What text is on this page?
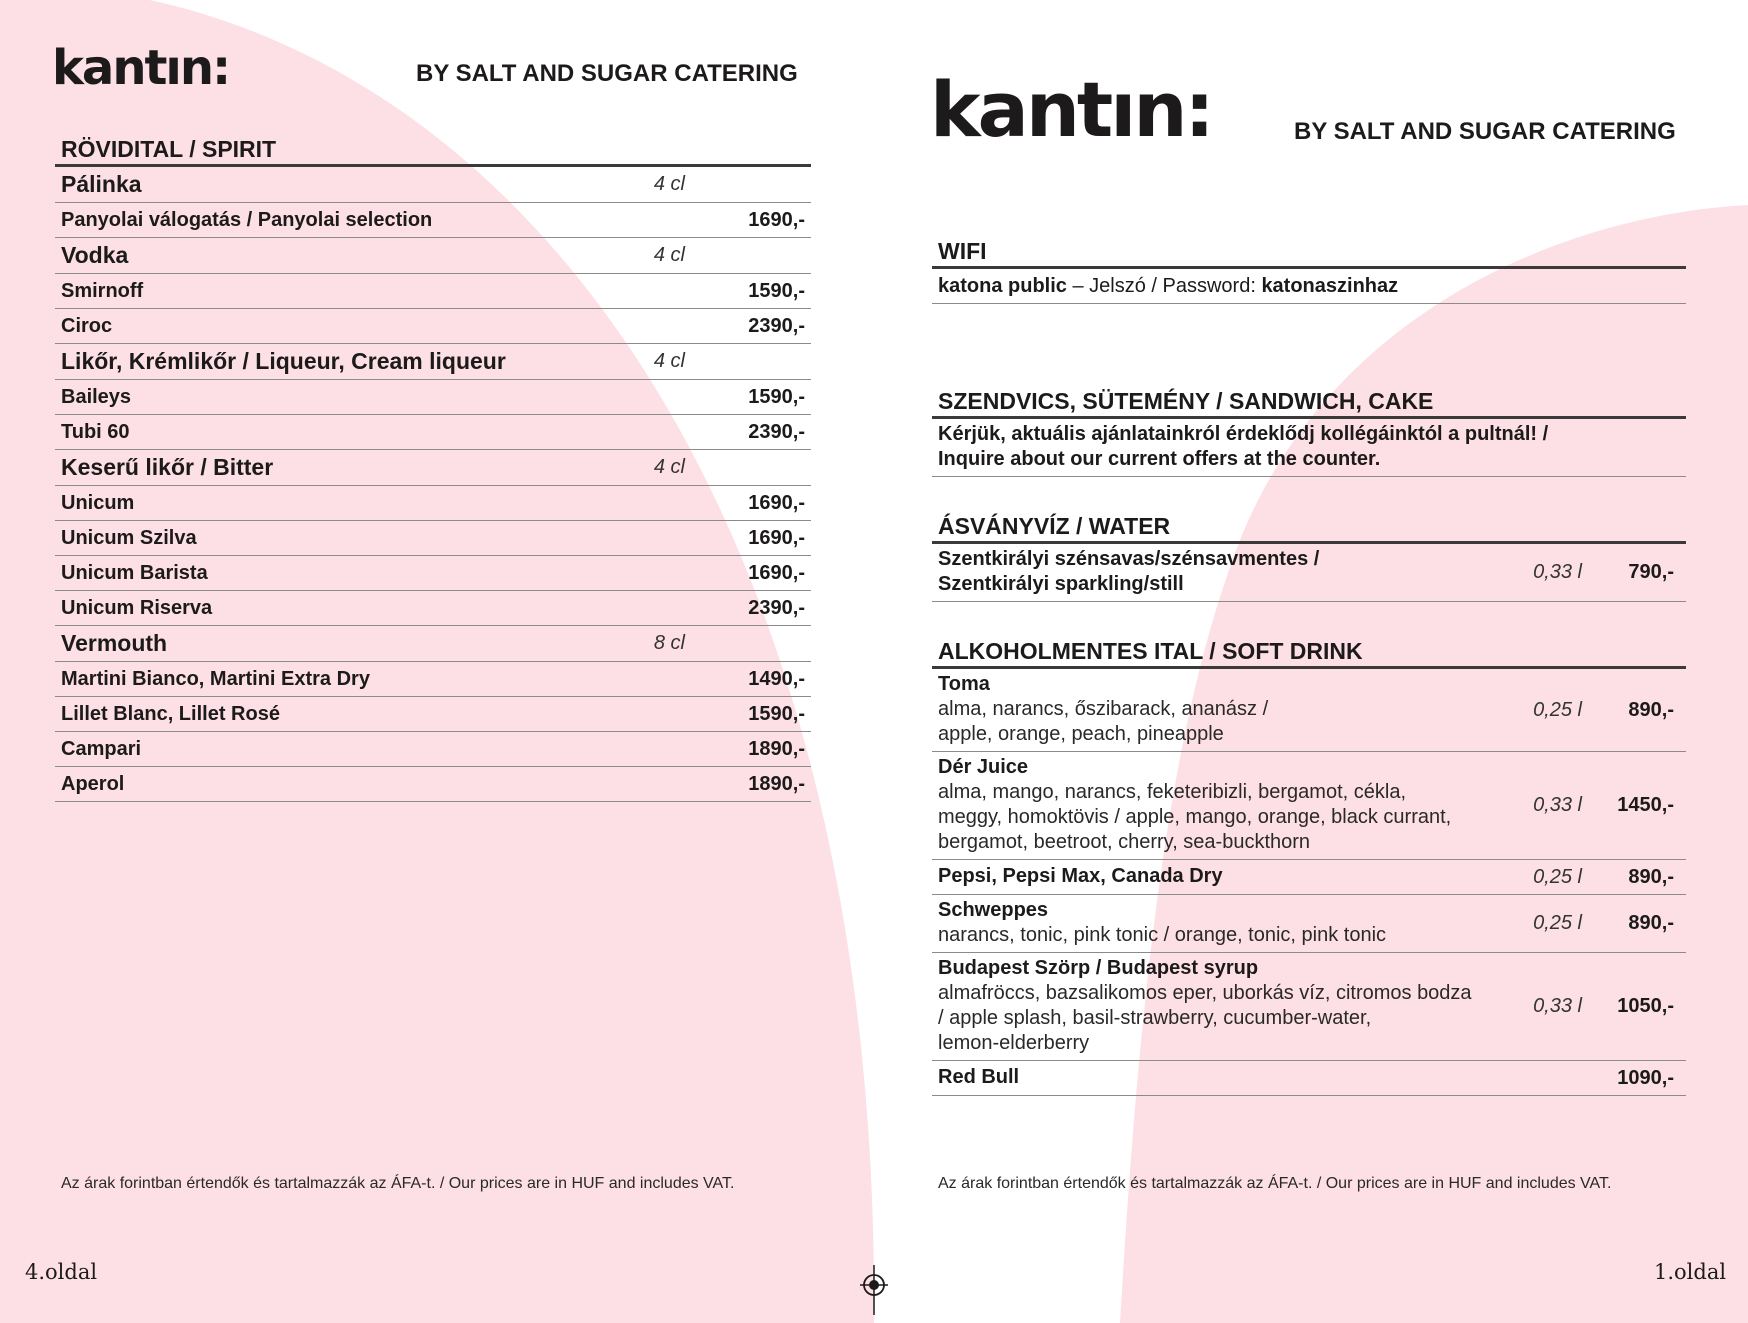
kantın:	BY SALT AND SUGAR CATERING
RÖVIDITAL / SPIRIT
Pálinka	4 cl
Panyolai válogatás / Panyolai selection	1690,-
Vodka	4 cl
Smirnoff	1590,-
Ciroc	2390,-
Likőr, Krémlikőr / Liqueur, Cream liqueur	4 cl
Baileys	1590,-
Tubi 60	2390,-
Keserű likőr / Bitter	4 cl
Unicum	1690,-
Unicum Szilva	1690,-
Unicum Barista	1690,-
Unicum Riserva	2390,-
Vermouth	8 cl
Martini Bianco, Martini Extra Dry	1490,-
Lillet Blanc, Lillet Rosé	1590,-
Campari	1890,-
Aperol	1890,-
Az árak forintban értendők és tartalmazzák az ÁFA-t. / Our prices are in HUF and includes VAT.
4.oldal
kantın:	BY SALT AND SUGAR CATERING
WIFI
katona public – Jelszó / Password: katonaszinhaz
SZENDVICS, SÜTEMÉNY / SANDWICH, CAKE
Kérjük, aktuális ajánlatainkról érdeklődj kollégáinktól a pultnál! /
Inquire about our current offers at the counter.
ÁSVÁNYVÍZ / WATER
Szentkirályi szénsavas/szénsavmentes /
Szentkirályi sparkling/still
0,33 l	790,-
ALKOHOLMENTES ITAL / SOFT DRINK
Toma
alma, narancs, őszibarack, ananász /
apple, orange, peach, pineapple
0,25 l	890,-
Dér Juice
alma, mango, narancs, feketeribizli, bergamot, cékla,
meggy, homoktövis / apple, mango, orange, black currant,
bergamot, beetroot, cherry, sea-buckthorn
0,33 l	1450,-
Pepsi, Pepsi Max, Canada Dry	0,25 l	890,-
Schweppes
narancs, tonic, pink tonic / orange, tonic, pink tonic
0,25 l	890,-
Budapest Szörp / Budapest syrup
almafröccs, bazsalikomos eper, uborkás víz, citromos bodza
/ apple splash, basil-strawberry, cucumber-water,
lemon-elderberry
0,33 l	1050,-
Red Bull	1090,-
Az árak forintban értendők és tartalmazzák az ÁFA-t. / Our prices are in HUF and includes VAT.
1.oldal
